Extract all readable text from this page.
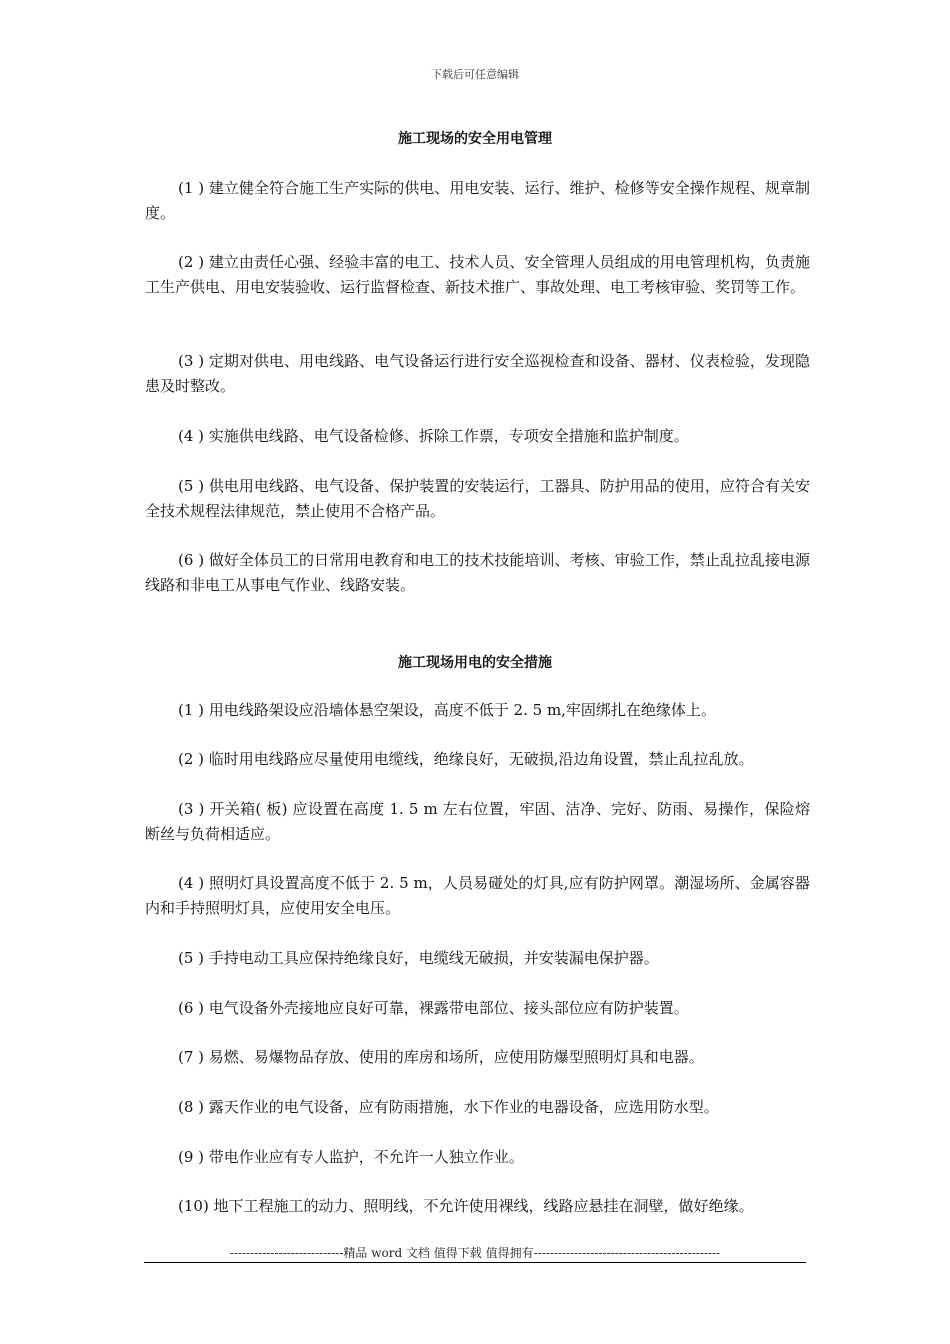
下载后可任意编辑
施工现场的安全用电管理

(1 ) 建立健全符合施工生产实际的供电、用电安装、运行、维护、检修等安全操作规程、规章制度。

(2 ) 建立由责任心强、经验丰富的电工、技术人员、安全管理人员组成的用电管理机构，负责施工生产供电、用电安装验收、运行监督检查、新技术推广、事故处理、电工考核审验、奖罚等工作。

(3 ) 定期对供电、用电线路、电气设备运行进行安全巡视检查和设备、器材、仪表检验，发现隐患及时整改。

(4 ) 实施供电线路、电气设备检修、拆除工作票，专项安全措施和监护制度。

(5 ) 供电用电线路、电气设备、保护装置的安装运行，工器具、防护用品的使用，应符合有关安全技术规程法律规范，禁止使用不合格产品。

(6 ) 做好全体员工的日常用电教育和电工的技术技能培训、考核、审验工作，禁止乱拉乱接电源线路和非电工从事电气作业、线路安装。

施工现场用电的安全措施

(1 ) 用电线路架设应沿墙体悬空架设，高度不低于 2. 5 m,牢固绑扎在绝缘体上。

(2 ) 临时用电线路应尽量使用电缆线，绝缘良好，无破损,沿边角设置，禁止乱拉乱放。

(3 ) 开关箱( 板) 应设置在高度 1. 5 m 左右位置，牢固、洁净、完好、防雨、易操作，保险熔断丝与负荷相适应。

(4 ) 照明灯具设置高度不低于 2. 5 m，人员易碰处的灯具,应有防护网罩。潮湿场所、金属容器内和手持照明灯具，应使用安全电压。

(5 ) 手持电动工具应保持绝缘良好，电缆线无破损，并安装漏电保护器。

(6 ) 电气设备外壳接地应良好可靠，裸露带电部位、接头部位应有防护装置。

(7 ) 易燃、易爆物品存放、使用的库房和场所，应使用防爆型照明灯具和电器。

(8 ) 露天作业的电气设备，应有防雨措施，水下作业的电器设备，应选用防水型。

(9 ) 带电作业应有专人监护，不允许一人独立作业。

(10) 地下工程施工的动力、照明线，不允许使用裸线，线路应悬挂在洞壁，做好绝缘。

----------------------------精品 word 文档 值得下载 值得拥有----------------------------------------------
